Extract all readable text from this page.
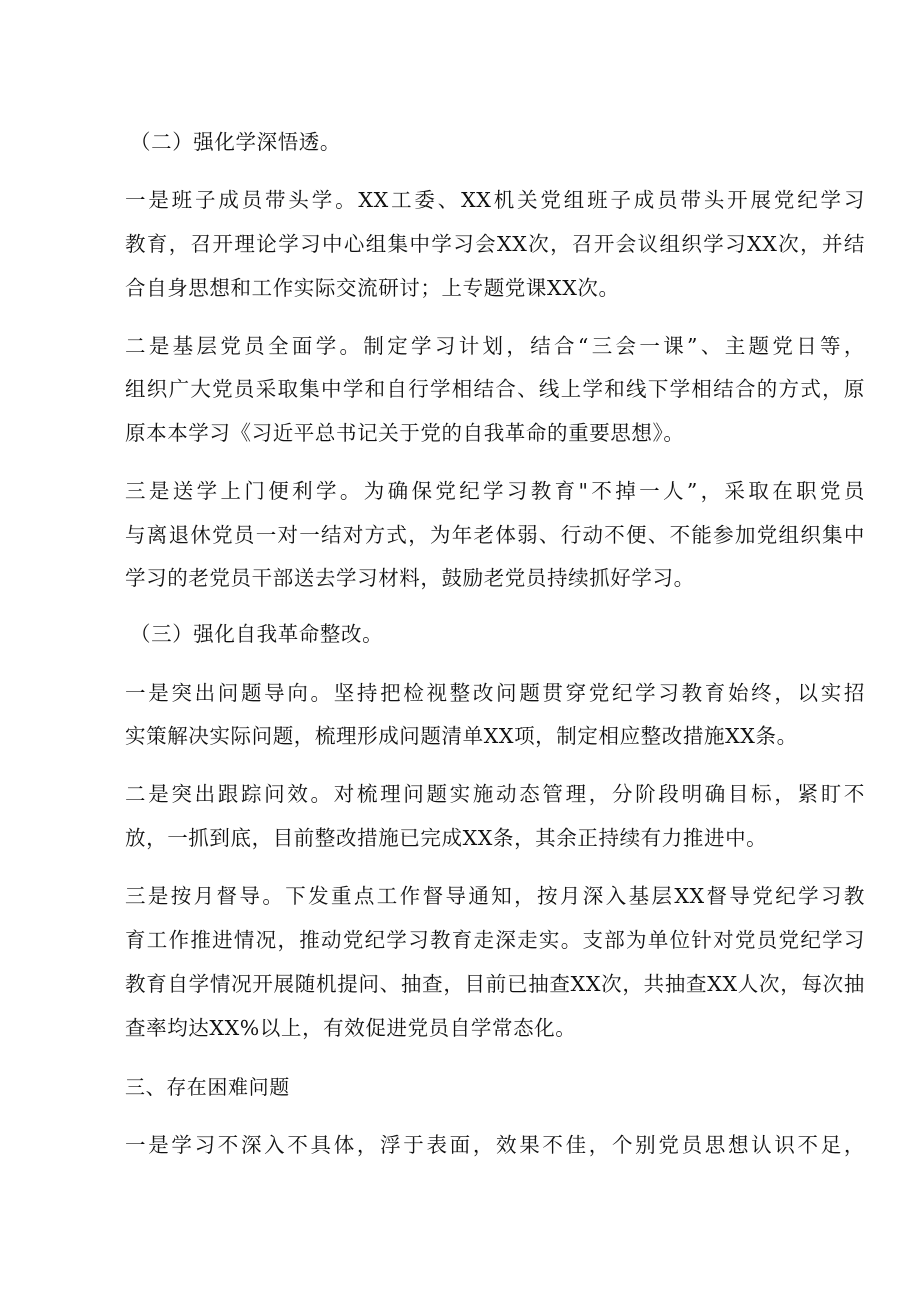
（二）强化学深悟透。
一是班子成员带头学。XX工委、XX机关党组班子成员带头开展党纪学习
教育，召开理论学习中心组集中学习会XX次，召开会议组织学习XX次，并结
合自身思想和工作实际交流研讨；上专题党课XX次。
二是基层党员全面学。制定学习计划，结合“三会一课”、主题党日等，
组织广大党员采取集中学和自行学相结合、线上学和线下学相结合的方式，原
原本本学习《习近平总书记关于党的自我革命的重要思想》。
三是送学上门便利学。为确保党纪学习教育"不掉一人”，采取在职党员
与离退休党员一对一结对方式，为年老体弱、行动不便、不能参加党组织集中
学习的老党员干部送去学习材料，鼓励老党员持续抓好学习。
（三）强化自我革命整改。
一是突出问题导向。坚持把检视整改问题贯穿党纪学习教育始终，以实招
实策解决实际问题，梳理形成问题清单XX项，制定相应整改措施XX条。
二是突出跟踪问效。对梳理问题实施动态管理，分阶段明确目标，紧盯不
放，一抓到底，目前整改措施已完成XX条，其余正持续有力推进中。
三是按月督导。下发重点工作督导通知，按月深入基层XX督导党纪学习教
育工作推进情况，推动党纪学习教育走深走实。支部为单位针对党员党纪学习
教育自学情况开展随机提问、抽查，目前已抽查XX次，共抽查XX人次，每次抽
查率均达XX%以上，有效促进党员自学常态化。
三、存在困难问题
一是学习不深入不具体，浮于表面，效果不佳，个别党员思想认识不足，
